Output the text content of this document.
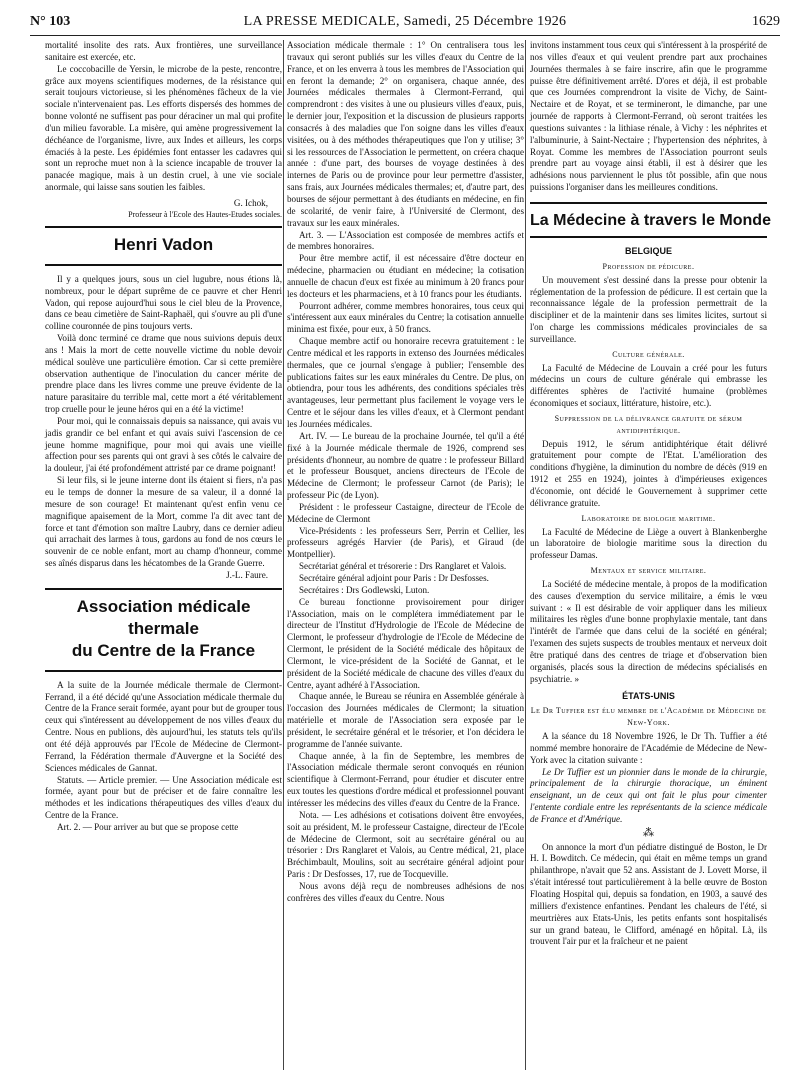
N° 103	LA PRESSE MEDICALE, Samedi, 25 Décembre 1926	1629

mortalité insolite des rats. Aux frontières, une surveillance sanitaire est exercée, etc.

Le coccobacille de Yersin, le microbe de la peste, rencontre, grâce aux moyens scientifiques modernes, de la résistance qui serait toujours victorieuse, si les phénomènes fâcheux de la vie sociale n'intervenaient pas. Les efforts dispersés des hommes de bonne volonté ne suffisent pas pour déraciner un mal qui profite d'un milieu favorable. La misère, qui amène progressivement la déchéance de l'organisme, livre, aux Indes et ailleurs, les corps émaciés à la peste. Les épidémies font entasser les cadavres qui sont un reproche muet non à la science incapable de trouver la panacée magique, mais à un destin cruel, à une vie sociale anormale, qui laisse sans soutien les faibles.

G. Ichok,

Professeur à l'Ecole des Hautes-Etudes sociales.

Henri Vadon

Il y a quelques jours, sous un ciel lugubre, nous étions là, nombreux, pour le départ suprême de ce pauvre et cher Henri Vadon, qui repose aujourd'hui sous le ciel bleu de la Provence, dans ce beau cimetière de Saint-Raphaël, qui s'ouvre au pli d'une colline couronnée de pins toujours verts.

Voilà donc terminé ce drame que nous suivions depuis deux ans ! Mais la mort de cette nouvelle victime du noble devoir médical soulève une particulière émotion. Car si cette première observation authentique de l'inoculation du cancer mérite de prendre place dans les livres comme une preuve évidente de la nature parasitaire du terrible mal, cette mort a été véritablement trop cruelle pour le jeune héros qui en a été la victime!

Pour moi, qui le connaissais depuis sa naissance, qui avais vu jadis grandir ce bel enfant et qui avais suivi l'ascension de ce jeune homme magnifique, pour moi qui avais une vieille affection pour ses parents qui ont gravi à ses côtés le calvaire de la douleur, j'ai été profondément attristé par ce drame poignant!

Si leur fils, si le jeune interne dont ils étaient si fiers, n'a pas eu le temps de donner la mesure de sa valeur, il a donné la mesure de son courage! Et maintenant qu'est enfin venu ce magnifique apaisement de la Mort, comme l'a dit avec tant de force et tant d'émotion son maître Laubry, dans ce dernier adieu qui arrachait des larmes à tous, gardons au fond de nos cœurs le souvenir de ce noble enfant, mort au champ d'honneur, comme ses aînés disparus dans les hécatombes de la Grande Guerre.

J.-L. Faure.

Association médicale thermale
du Centre de la France

A la suite de la Journée médicale thermale de Clermont-Ferrand, il a été décidé qu'une Association médicale thermale du Centre de la France serait formée, ayant pour but de grouper tous ceux qui s'intéressent au développement de nos villes d'eaux du Centre. Nous en publions, dès aujourd'hui, les statuts tels qu'ils ont été déjà approuvés par l'Ecole de Médecine de Clermont-Ferrand, la Fédération thermale d'Auvergne et la Société des Sciences médicales de Gannat.

Statuts. — Article premier. — Une Association médicale est formée, ayant pour but de préciser et de faire connaître les méthodes et les indications thérapeutiques des villes d'eaux du Centre de la France.

Art. 2. — Pour arriver au but que se propose cette

Association médicale thermale : 1° On centralisera tous les travaux qui seront publiés sur les villes d'eaux du Centre de la France, et on les enverra à tous les membres de l'Association qui en feront la demande; 2° on organisera, chaque année, des Journées médicales thermales à Clermont-Ferrand, qui comprendront : des visites à une ou plusieurs villes d'eaux, puis, le dernier jour, l'exposition et la discussion de plusieurs rapports consacrés à des maladies que l'on soigne dans les villes d'eaux visitées, ou à des méthodes thérapeutiques que l'on y utilise; 3° si les ressources de l'Association le permettent, on créera chaque année : d'une part, des bourses de voyage destinées à des internes de Paris ou de province pour leur permettre d'assister, sans frais, aux Journées médicales thermales; et, d'autre part, des bourses de séjour permettant à des étudiants en médecine, en fin de scolarité, de venir faire, à l'Université de Clermont, des travaux sur les eaux minérales.

Art. 3. — L'Association est composée de membres actifs et de membres honoraires.

Pour être membre actif, il est nécessaire d'être docteur en médecine, pharmacien ou étudiant en médecine; la cotisation annuelle de chacun d'eux est fixée au minimum à 20 francs pour les docteurs et les pharmaciens, et à 10 francs pour les étudiants.

Pourront adhérer, comme membres honoraires, tous ceux qui s'intéressent aux eaux minérales du Centre; la cotisation annuelle minima est fixée, pour eux, à 50 francs.

Chaque membre actif ou honoraire recevra gratuitement : le Centre médical et les rapports in extenso des Journées médicales thermales, que ce journal s'engage à publier; l'ensemble des publications faites sur les eaux minérales du Centre. De plus, on obtiendra, pour tous les adhérents, des conditions spéciales très avantageuses, leur permettant plus facilement le voyage vers le Centre et le séjour dans les villes d'eaux, et à Clermont pendant les Journées médicales.

Art. IV. — Le bureau de la prochaine Journée, tel qu'il a été fixé à la Journée médicale thermale de 1926, comprend ses présidents d'honneur, au nombre de quatre : le professeur Billard et le professeur Bousquet, anciens directeurs de l'Ecole de Médecine de Clermont; le professeur Carnot (de Paris); le professeur Pic (de Lyon).

Président : le professeur Castaigne, directeur de l'Ecole de Médecine de Clermont

Vice-Présidents : les professeurs Serr, Perrin et Cellier, les professeurs agrégés Harvier (de Paris), et Giraud (de Montpellier).

Secrétariat général et trésorerie : Drs Ranglaret et Valois.

Secrétaire général adjoint pour Paris : Dr Desfosses.

Secrétaires : Drs Godlewski, Luton.

Ce bureau fonctionne provisoirement pour diriger l'Association, mais on le complétera immédiatement par le directeur de l'Institut d'Hydrologie de l'Ecole de Médecine de Clermont, le professeur d'hydrologie de l'Ecole de Médecine de Clermont, le président de la Société médicale des hôpitaux de Clermont, le vice-président de la Société de Gannat, et le président de la Société médicale de chacune des villes d'eaux du Centre, ayant adhéré à l'Association.

Chaque année, le Bureau se réunira en Assemblée générale à l'occasion des Journées médicales de Clermont; la situation matérielle et morale de l'Association sera exposée par le président, le secrétaire général et le trésorier, et l'on décidera le programme de l'année suivante.

Chaque année, à la fin de Septembre, les membres de l'Association médicale thermale seront convoqués en réunion scientifique à Clermont-Ferrand, pour étudier et discuter entre eux toutes les questions d'ordre médical et professionnel pouvant intéresser les médecins des villes d'eaux du Centre de la France.

Nota. — Les adhésions et cotisations doivent être envoyées, soit au président, M. le professeur Castaigne, directeur de l'Ecole de Médecine de Clermont, soit au secrétaire général ou au trésorier : Drs Ranglaret et Valois, au Centre médical, 21, place Bréchimbault, Moulins, soit au secrétaire général adjoint pour Paris : Dr Desfosses, 17, rue de Tocqueville.

Nous avons déjà reçu de nombreuses adhésions de nos confrères des villes d'eaux du Centre. Nous

invitons instamment tous ceux qui s'intéressent à la prospérité de nos villes d'eaux et qui veulent prendre part aux prochaines Journées thermales à se faire inscrire, afin que le programme puisse être définitivement arrêté. D'ores et déjà, il est probable que ces Journées comprendront la visite de Vichy, de Saint-Nectaire et de Royat, et se termineront, le dimanche, par une journée de rapports à Clermont-Ferrand, où seront traitées les questions suivantes : la lithiase rénale, à Vichy : les néphrites et l'albuminurie, à Saint-Nectaire ; l'hypertension des néphrites, à Royat. Comme les membres de l'Association pourront seuls prendre part au voyage ainsi établi, il est à désirer que les adhésions nous parviennent le plus tôt possible, afin que nous puissions l'organiser dans les meilleures conditions.

La Médecine à travers le Monde
BELGIQUE
Profession de pédicure.

Un mouvement s'est dessiné dans la presse pour obtenir la réglementation de la profession de pédicure. Il est certain que la reconnaissance légale de la profession permettrait de la discipliner et de la maintenir dans ses limites licites, surtout si l'on charge les commissions médicales provinciales de sa surveillance.

Culture générale.

La Faculté de Médecine de Louvain a créé pour les futurs médecins un cours de culture générale qui embrasse les différentes sphères de l'activité humaine (problèmes économiques et sociaux, littérature, histoire, etc.).

Suppression de la délivrance gratuite de sérum antidiphtérique.

Depuis 1912, le sérum antidiphtérique était délivré gratuitement pour compte de l'Etat. L'amélioration des conditions d'hygiène, la diminution du nombre de décès (919 en 1912 et 255 en 1924), jointes à d'impérieuses exigences d'économie, ont décidé le Gouvernement à supprimer cette délivrance gratuite.

Laboratoire de biologie maritime.

La Faculté de Médecine de Liège a ouvert à Blankenberghe un laboratoire de biologie maritime sous la direction du professeur Damas.

Mentaux et service militaire.

La Société de médecine mentale, à propos de la modification des causes d'exemption du service militaire, a émis le vœu suivant : « Il est désirable de voir appliquer dans les milieux militaires les règles d'une bonne prophylaxie mentale, tant dans l'intérêt de l'armée que dans celui de la société en général; l'examen des sujets suspects de troubles mentaux et nerveux doit être pratiqué dans des centres de triage et d'observation bien organisés, placés sous la direction de médecins spécialisés en psychiatrie. »

ÉTATS-UNIS
Le Dr Tuffier est élu membre de l'Académie de Médecine de New-York.

A la séance du 18 Novembre 1926, le Dr Th. Tuffier a été nommé membre honoraire de l'Académie de Médecine de New-York avec la citation suivante :

Le Dr Tuffier est un pionnier dans le monde de la chirurgie, principalement de la chirurgie thoracique, un éminent enseignant, un de ceux qui ont fait le plus pour cimenter l'entente cordiale entre les représentants de la science médicale de France et d'Amérique.

⁂

On annonce la mort d'un pédiatre distingué de Boston, le Dr H. I. Bowditch. Ce médecin, qui était en même temps un grand philanthrope, n'avait que 52 ans. Assistant de J. Lovett Morse, il s'était intéressé tout particulièrement à la belle œuvre de Boston Floating Hospital qui, depuis sa fondation, en 1903, a sauvé des milliers d'existence enfantines. Pendant les chaleurs de l'été, si meurtrières aux Etats-Unis, les petits enfants sont hospitalisés sur un grand bateau, le Clifford, aménagé en hôpital. Là, ils trouvent l'air pur et la fraîcheur et ne paient
